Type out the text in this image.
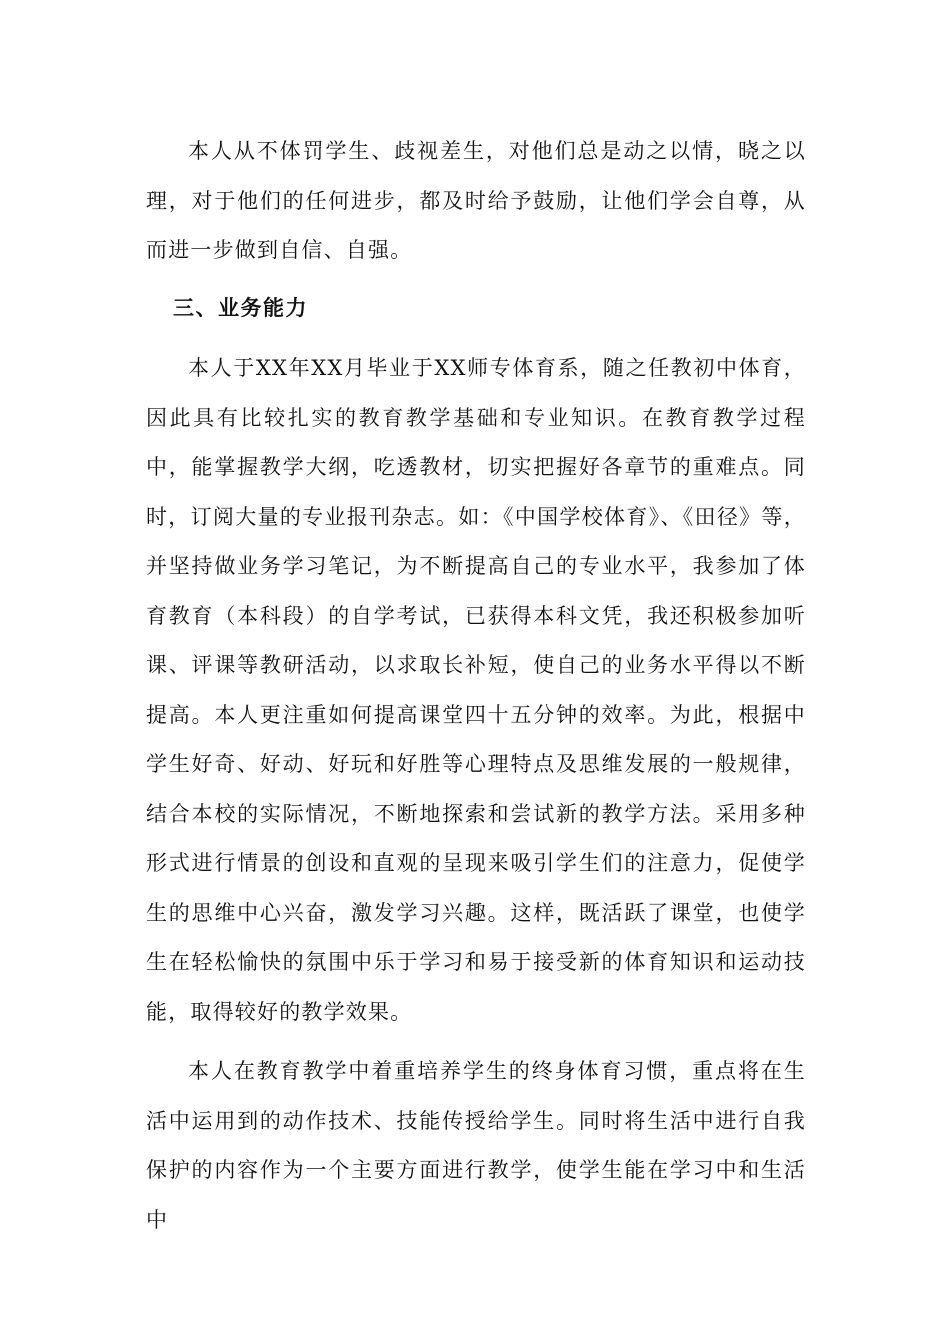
本人从不体罚学生、歧视差生，对他们总是动之以情，晓之以理，对于他们的任何进步，都及时给予鼓励，让他们学会自尊，从而进一步做到自信、自强。

三、业务能力

本人于XX年XX月毕业于XX师专体育系，随之任教初中体育，因此具有比较扎实的教育教学基础和专业知识。在教育教学过程中，能掌握教学大纲，吃透教材，切实把握好各章节的重难点。同时，订阅大量的专业报刊杂志。如：《中国学校体育》、《田径》等，并坚持做业务学习笔记，为不断提高自己的专业水平，我参加了体育教育（本科段）的自学考试，已获得本科文凭，我还积极参加听课、评课等教研活动，以求取长补短，使自己的业务水平得以不断提高。本人更注重如何提高课堂四十五分钟的效率。为此，根据中学生好奇、好动、好玩和好胜等心理特点及思维发展的一般规律，结合本校的实际情况，不断地探索和尝试新的教学方法。采用多种形式进行情景的创设和直观的呈现来吸引学生们的注意力，促使学生的思维中心兴奋，激发学习兴趣。这样，既活跃了课堂，也使学生在轻松愉快的氛围中乐于学习和易于接受新的体育知识和运动技能，取得较好的教学效果。

本人在教育教学中着重培养学生的终身体育习惯，重点将在生活中运用到的动作技术、技能传授给学生。同时将生活中进行自我保护的内容作为一个主要方面进行教学，使学生能在学习中和生活中
